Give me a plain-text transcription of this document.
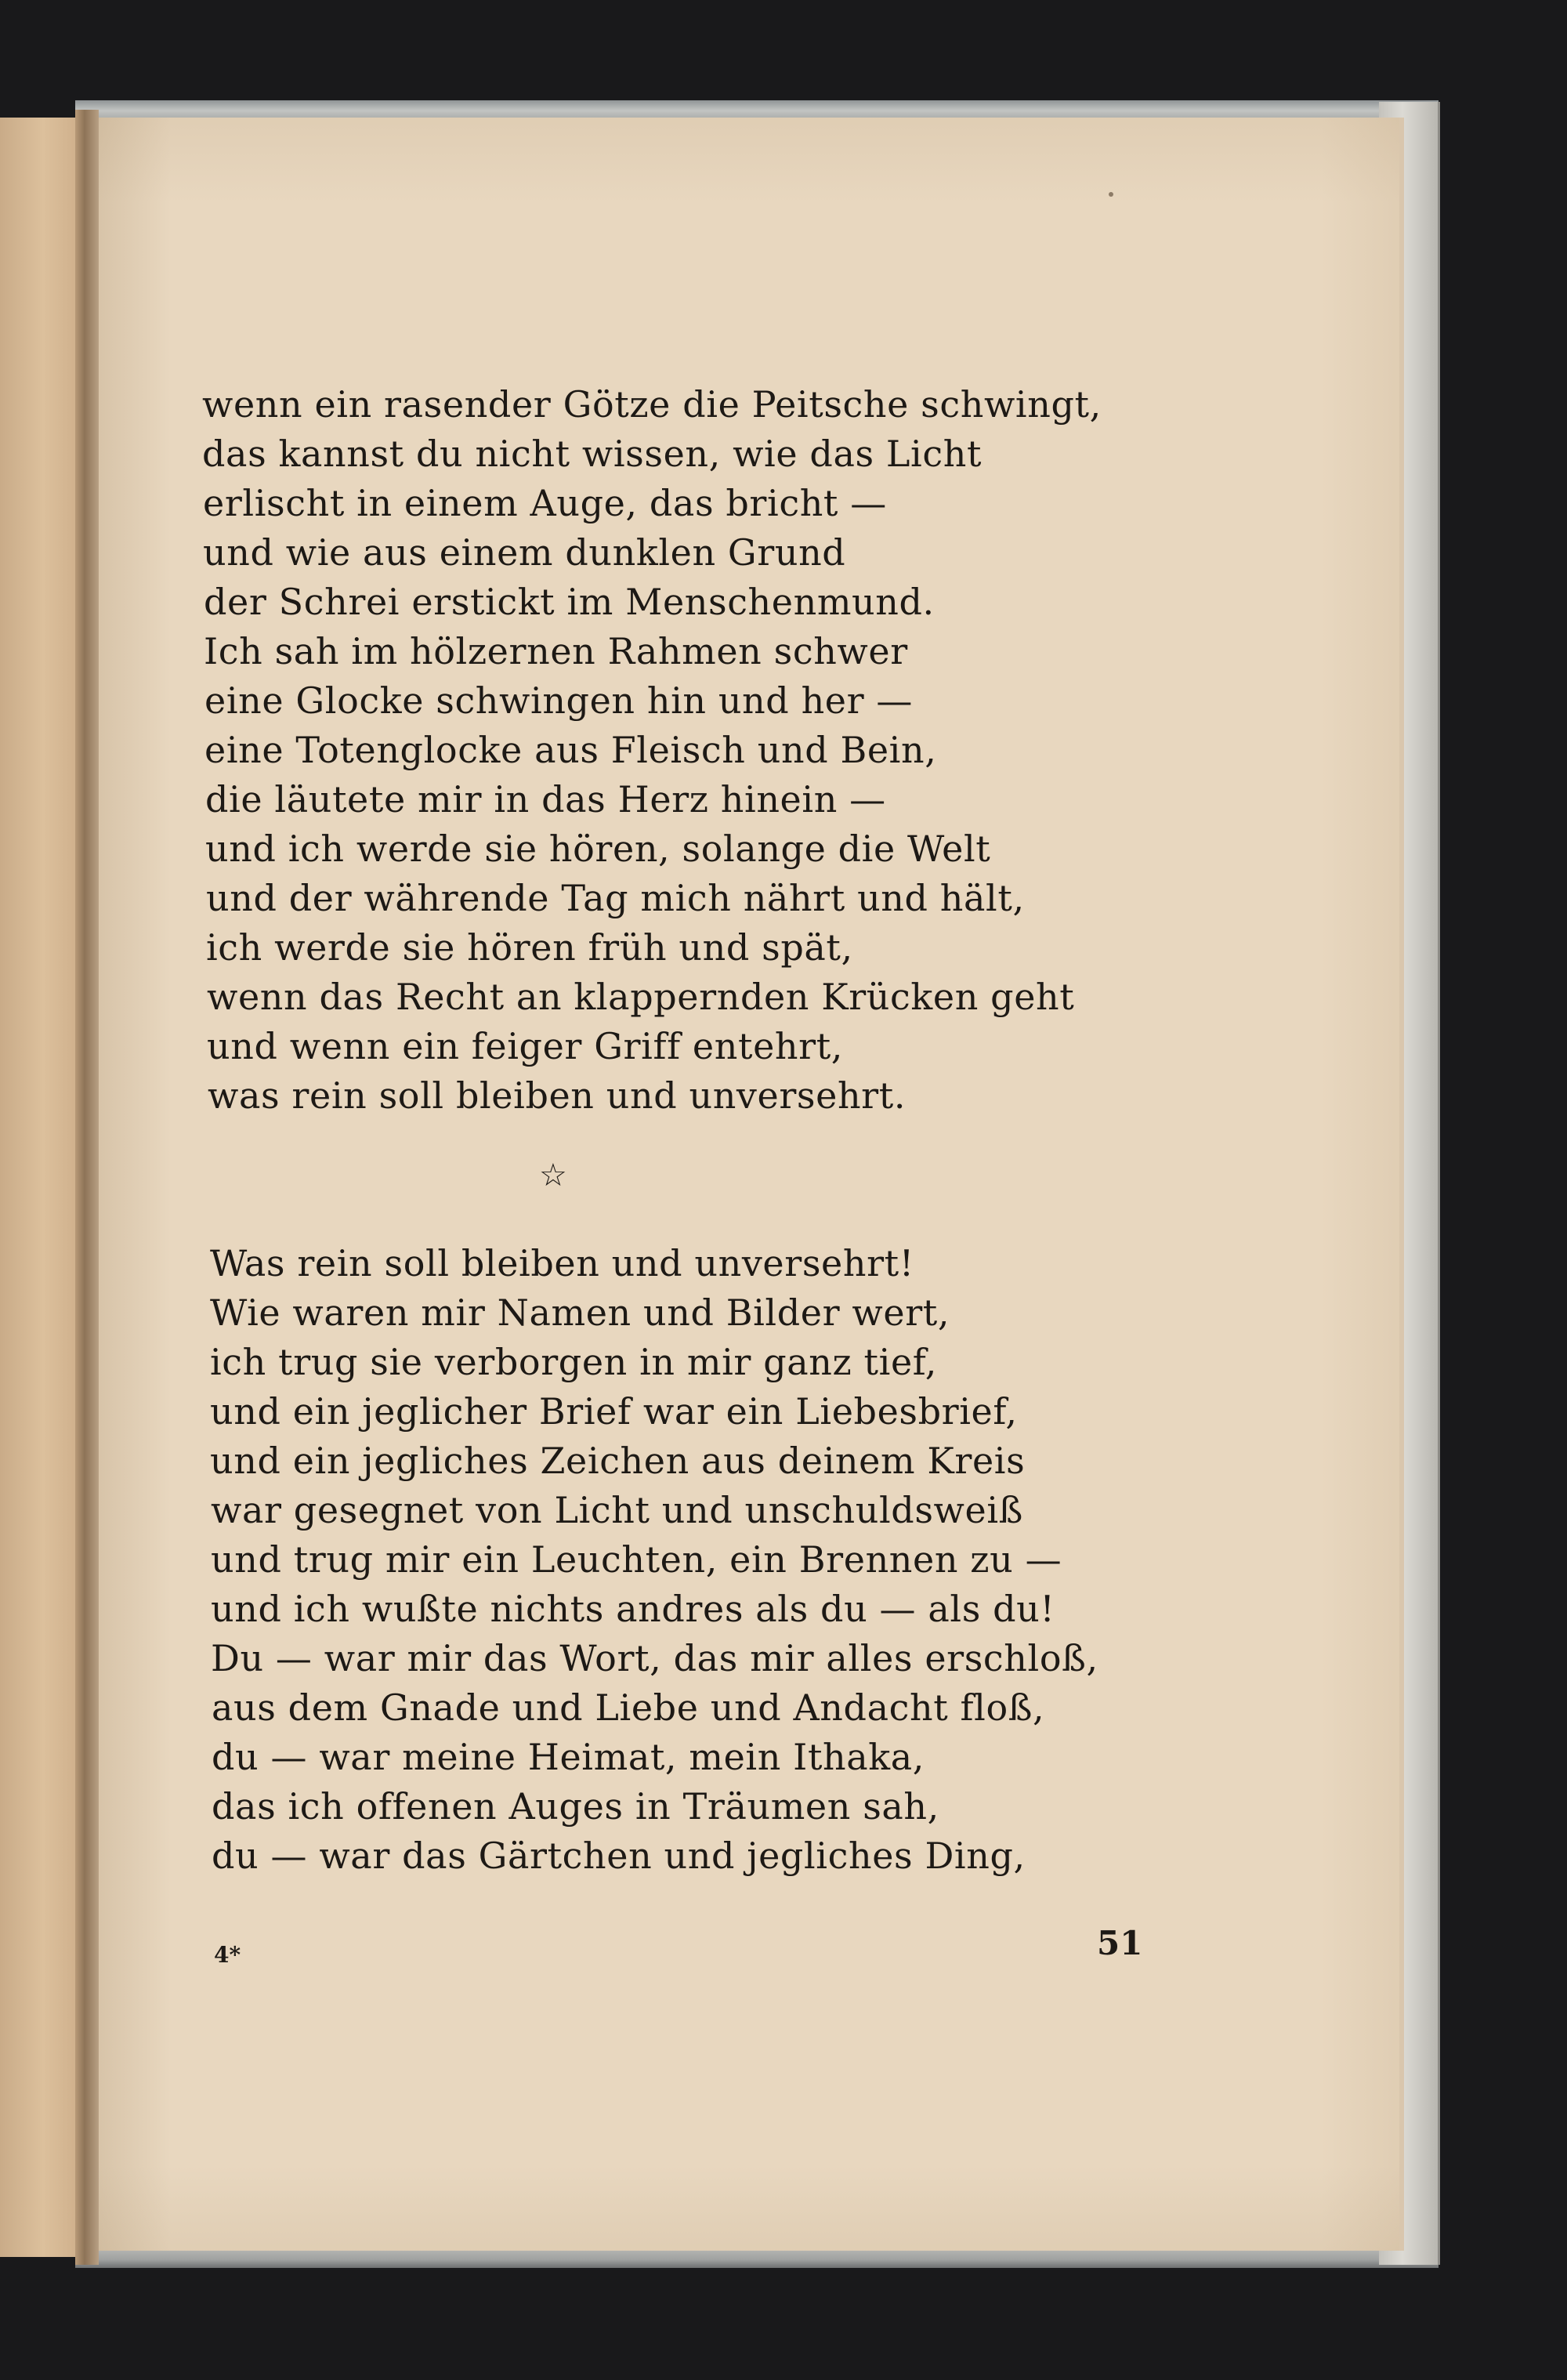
wenn ein rasender Götze die Peitsche schwingt,
das kannst du nicht wissen, wie das Licht
erlischt in einem Auge, das bricht —
und wie aus einem dunklen Grund
der Schrei erstickt im Menschenmund.
Ich sah im hölzernen Rahmen schwer
eine Glocke schwingen hin und her —
eine Totenglocke aus Fleisch und Bein,
die läutete mir in das Herz hinein —
und ich werde sie hören, solange die Welt
und der währende Tag mich nährt und hält,
ich werde sie hören früh und spät,
wenn das Recht an klappernden Krücken geht
und wenn ein feiger Griff entehrt,
was rein soll bleiben und unversehrt.
☆
Was rein soll bleiben und unversehrt!
Wie waren mir Namen und Bilder wert,
ich trug sie verborgen in mir ganz tief,
und ein jeglicher Brief war ein Liebesbrief,
und ein jegliches Zeichen aus deinem Kreis
war gesegnet von Licht und unschuldsweiß
und trug mir ein Leuchten, ein Brennen zu —
und ich wußte nichts andres als du — als du!
Du — war mir das Wort, das mir alles erschloß,
aus dem Gnade und Liebe und Andacht floß,
du — war meine Heimat, mein Ithaka,
das ich offenen Auges in Träumen sah,
du — war das Gärtchen und jegliches Ding,
4*	51
